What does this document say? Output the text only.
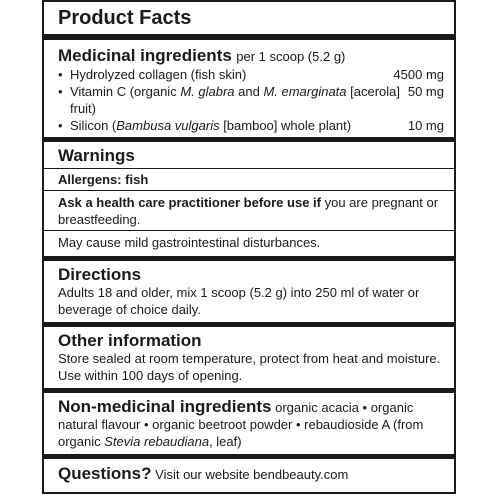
Product Facts
Medicinal ingredients per 1 scoop (5.2 g)
• Hydrolyzed collagen (fish skin)	4500 mg
• Vitamin C (organic M. glabra and M. emarginata [acerola] fruit)
50 mg
• Silicon (Bambusa vulgaris [bamboo] whole plant)	10 mg
Warnings
Allergens: fish
Ask a health care practitioner before use if you are pregnant or breastfeeding.
May cause mild gastrointestinal disturbances.
Directions
Adults 18 and older, mix 1 scoop (5.2 g) into 250 ml of water or beverage of choice daily.
Other information
Store sealed at room temperature, protect from heat and moisture. Use within 100 days of opening.
Non-medicinal ingredients organic acacia • organic natural flavour • organic beetroot powder • rebaudioside A (from organic Stevia rebaudiana, leaf)
Questions? Visit our website bendbeauty.com
